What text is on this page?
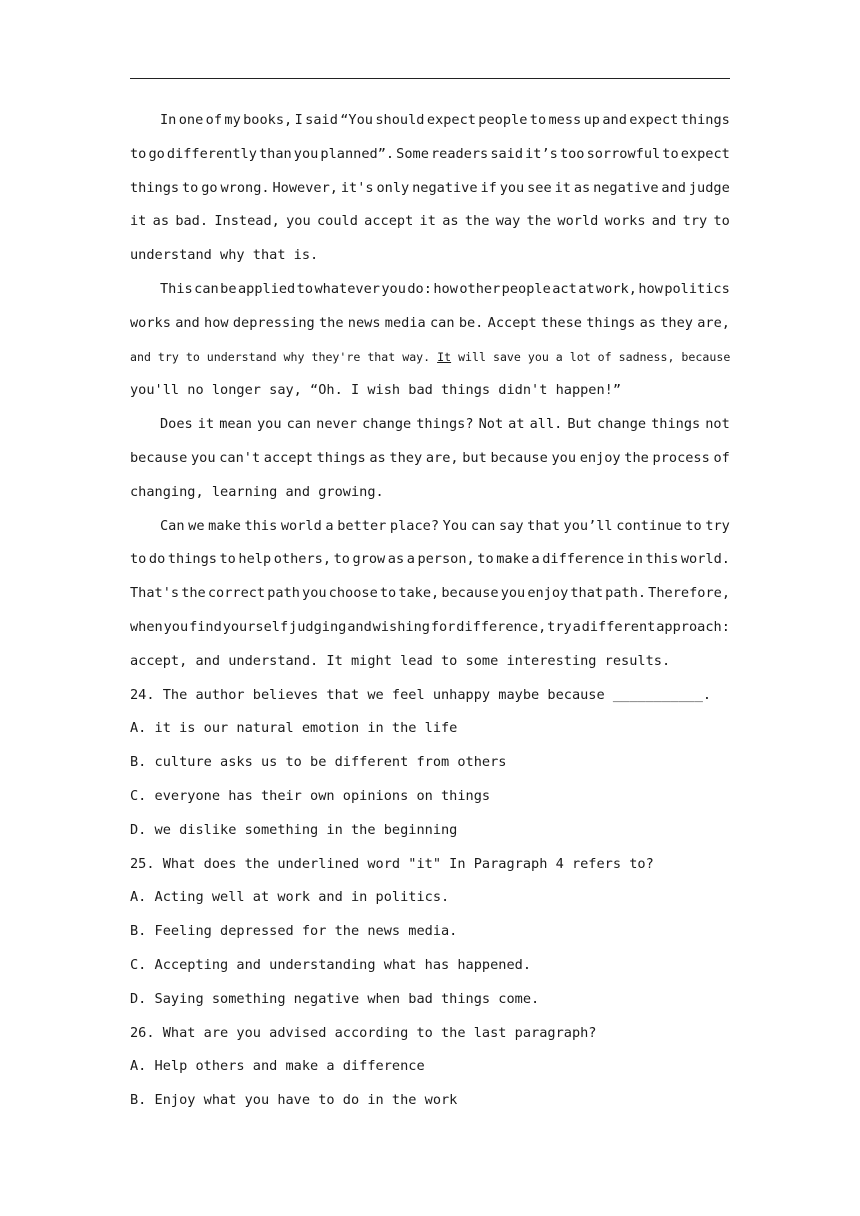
In one of my books, I said “You should expect people to mess up and expect things
to go differently than you planned”. Some readers said it’s too sorrowful to expect
things to go wrong. However, it's only negative if you see it as negative and judge
it as bad. Instead, you could accept it as the way the world works and try to
understand why that is.
This can be applied to whatever you do: how other people act at work, how politics
works and how depressing the news media can be. Accept these things as they are,
and try to understand why they're that way. It will save you a lot of sadness, because
you'll no longer say, “Oh. I wish bad things didn't happen!”
Does it mean you can never change things? Not at all. But change things not
because you can't accept things as they are, but because you enjoy the process of
changing, learning and growing.
Can we make this world a better place? You can say that you’ll continue to try
to do things to help others, to grow as a person, to make a difference in this world.
That's the correct path you choose to take, because you enjoy that path. Therefore,
when you find yourself judging and wishing for difference, try a different approach:
accept, and understand. It might lead to some interesting results.
24. The author believes that we feel unhappy maybe because ___________.
A. it is our natural emotion in the life
B. culture asks us to be different from others
C. everyone has their own opinions on things
D. we dislike something in the beginning
25. What does the underlined word "it" In Paragraph 4 refers to?
A. Acting well at work and in politics.
B. Feeling depressed for the news media.
C. Accepting and understanding what has happened.
D. Saying something negative when bad things come.
26. What are you advised according to the last paragraph?
A. Help others and make a difference
B. Enjoy what you have to do in the work
